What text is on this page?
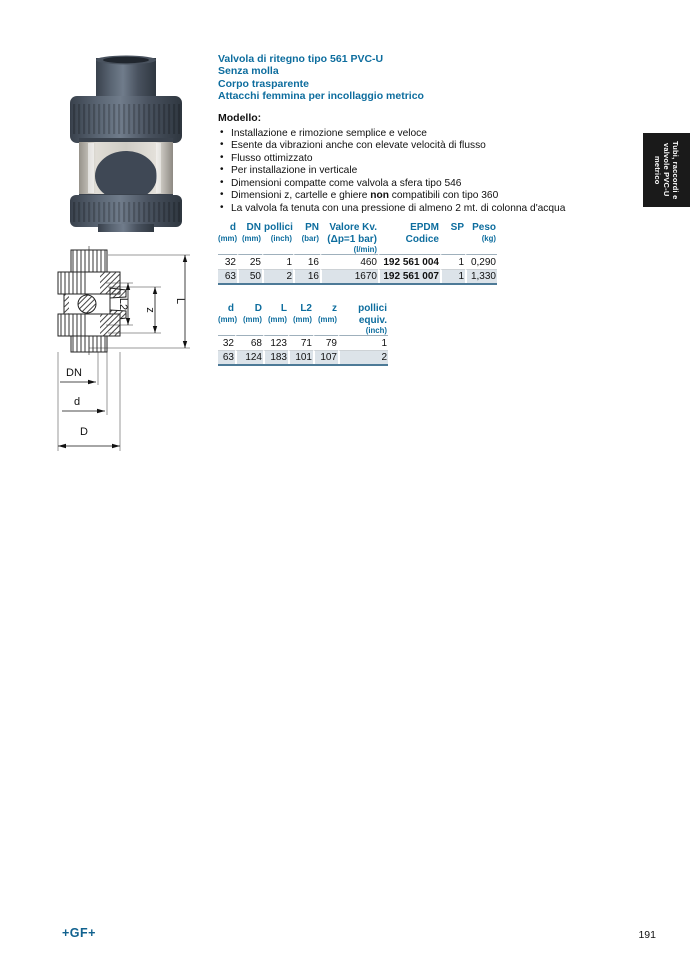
Tubi, raccordi e
valvole PVC-U
metrico
L2 z
L
DN
d
D
Valvola di ritegno tipo 561 PVC-U
Senza molla
Corpo trasparente
Attacchi femmina per incollaggio metrico
Modello:
• Installazione e rimozione semplice e veloce
• Esente da vibrazioni anche con elevate velocità di flusso
• Flusso ottimizzato
• Per installazione in verticale
• Dimensioni compatte come valvola a sfera tipo 546
• Dimensioni z, cartelle e ghiere non compatibili con tipo 360
• La valvola fa tenuta con una pressione di almeno 2 mt. di colonna d'acqua
d
(mm)

DN
(mm)

pollici
(inch)

PN
(bar)

Valore Kv.
(Δp=1 bar)
(l/min)

EPDM
Codice

SP	Peso
(kg)

32	25	1	16	460	192 561 004	1	0,290
63	50	2	16	1670	192 561 007	1	1,330
d
(mm)

D
(mm)

L
(mm)

L2
(mm)

z
(mm)

pollici
equiv.
(inch)

32	68	123	71	79	1
63	124	183	101	107	2
+GF+	191
